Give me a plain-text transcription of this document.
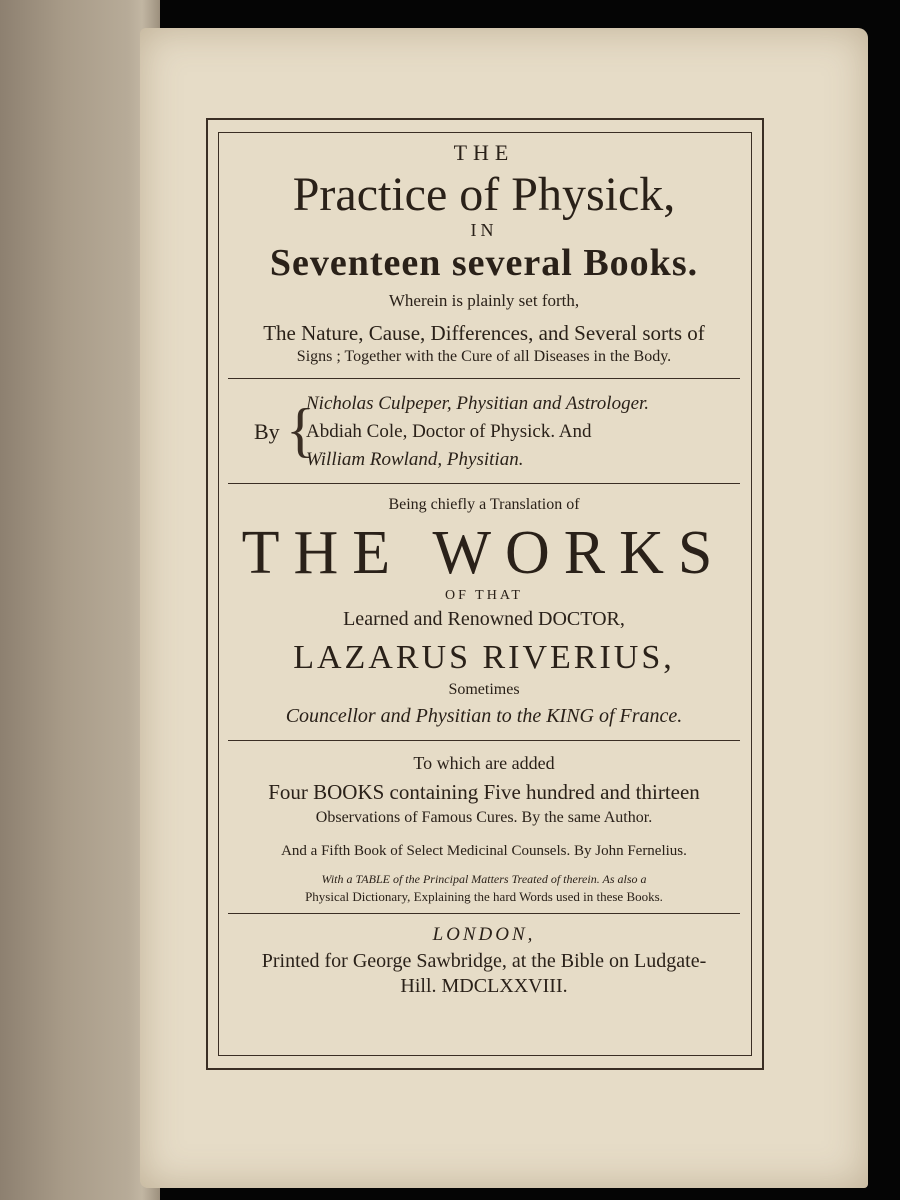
THE
Practice of Physick,
IN
Seventeen several Books.
Wherein is plainly set forth,
The Nature, Cause, Differences, and Several sorts of
Signs ; Together with the Cure of all Diseases in the Body.
By {
Nicholas Culpeper, Physitian and Astrologer.
Abdiah Cole, Doctor of Physick. And
William Rowland, Physitian.
Being chiefly a Translation of
THE WORKS
OF THAT
Learned and Renowned DOCTOR,
LAZARUS RIVERIUS,
Sometimes
Councellor and Physitian to the KING of France.
To which are added
Four BOOKS containing Five hundred and thirteen
Observations of Famous Cures. By the same Author.
And a Fifth Book of Select Medicinal Counsels. By John Fernelius.
With a TABLE of the Principal Matters Treated of therein. As also a
Physical Dictionary, Explaining the hard Words used in these Books.
LONDON,
Printed for George Sawbridge, at the Bible on Ludgate-
Hill. MDCLXXVIII.
